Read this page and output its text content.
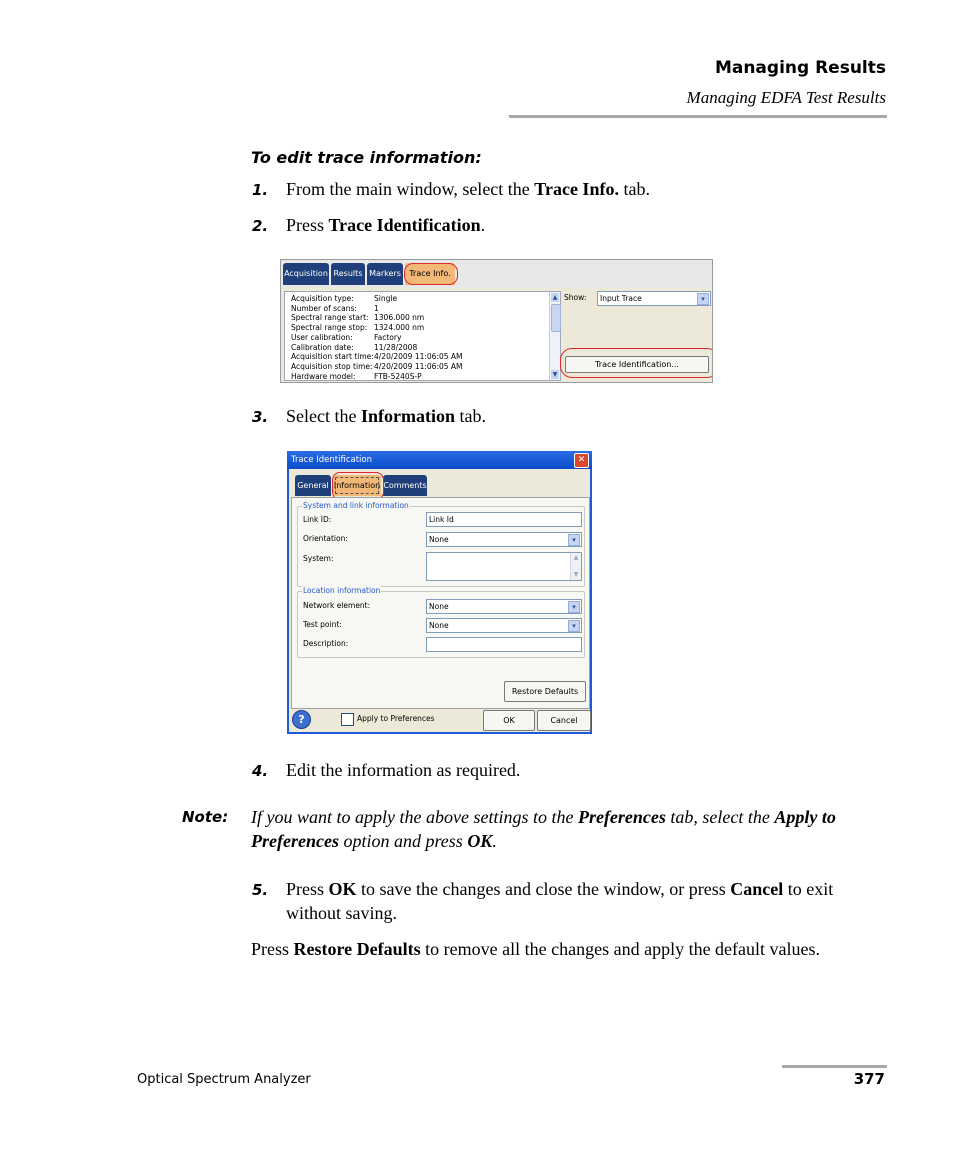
Managing Results
Managing EDFA Test Results
To edit trace information:
1. From the main window, select the Trace Info. tab.
2. Press Trace Identification.
Acquisition Results Markers	Trace Info.
Acquisition type:	Single
Number of scans: 1
Spectral range start: 1306.000 nm
Spectral range stop: 1324.000 nm
User calibration:	Factory
Calibration date:	11/28/2008
Acquisition start time: 4/20/2009 11:06:05 AM
Acquisition stop time: 4/20/2009 11:06:05 AM
Hardware model: FTB-5240S-P
▲
▼
Show: Input Trace	▾
Trace Identification...
3. Select the Information tab.
Trace Identification	✕
General Information Comments
System and link information
Link ID:	Link Id
Orientation:	None	▾
System:	▲
▼
Location information
Network element:	None	▾
Test point:	None	▾
Description:
Restore Defaults
?	Apply to Preferences	OK	Cancel
4. Edit the information as required.
Note: If you want to apply the above settings to the Preferences tab, select the Apply to Preferences option and press OK.
5. Press OK to save the changes and close the window, or press Cancel to exit without saving.
Press Restore Defaults to remove all the changes and apply the default values.
Optical Spectrum Analyzer	377
